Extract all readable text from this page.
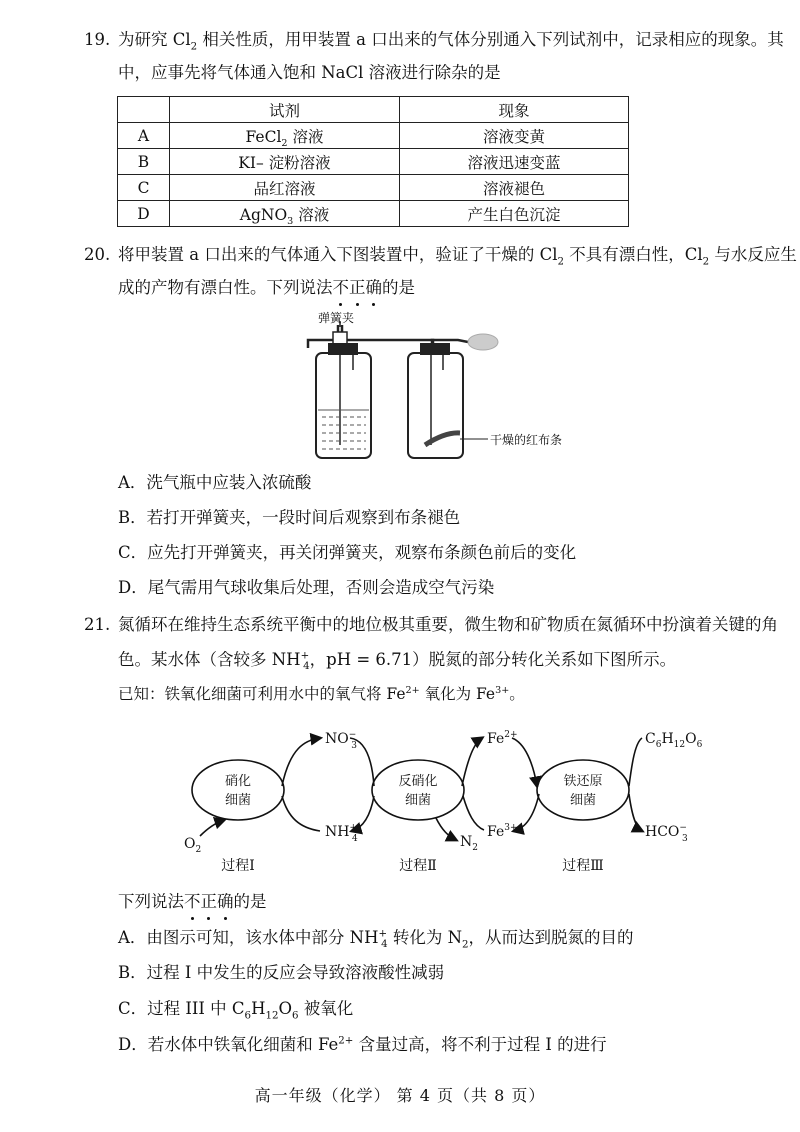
19. 为研究 $Cl_2$ 相关性质，用甲装置 a 口出来的气体分别通入下列试剂中，记录相应的现象。其
中，应事先将气体通入饱和 NaCl 溶液进行除杂的是
	试剂	现象
A	FeCl$_2$ 溶液	溶液变黄
B	KI– 淀粉溶液	溶液迅速变蓝
C	品红溶液	溶液褪色
D	AgNO$_3$ 溶液	产生白色沉淀
20. 将甲装置 a 口出来的气体通入下图装置中，验证了干燥的 $Cl_2$ 不具有漂白性，$Cl_2$ 与水反应生
成的产物有漂白性。下列说法不正确的是
弹簧夹
干燥的红布条
A．洗气瓶中应装入浓硫酸
B．若打开弹簧夹，一段时间后观察到布条褪色
C．应先打开弹簧夹，再关闭弹簧夹，观察布条颜色前后的变化
D．尾气需用气球收集后处理，否则会造成空气污染
21. 氮循环在维持生态系统平衡中的地位极其重要，微生物和矿物质在氮循环中扮演着关键的角
色。某水体（含较多 $NH^+_4$，pH = 6.71）脱氮的部分转化关系如下图所示。
已知：铁氧化细菌可利用水中的氧气将 $Fe^{2+}$ 氧化为 $Fe^{3+}$。
硝化
细菌
反硝化
细菌
铁还原
细菌
NO− 3
NH+ 4
$O_2$	$N_2$
$Fe^{2+}$
$Fe^{3+}$
$C_6H_{12}O_6$
HCO− 3
过程Ⅰ	过程Ⅱ	过程Ⅲ
下列说法不正确的是
A．由图示可知，该水体中部分 $NH^+_4$ 转化为 $N_2$，从而达到脱氮的目的
B．过程 I 中发生的反应会导致溶液酸性减弱
C．过程 III 中 $C_6H_{12}O_6$ 被氧化
D．若水体中铁氧化细菌和 $Fe^{2+}$ 含量过高，将不利于过程 I 的进行
高一年级（化学） 第 4 页（共 8 页）
